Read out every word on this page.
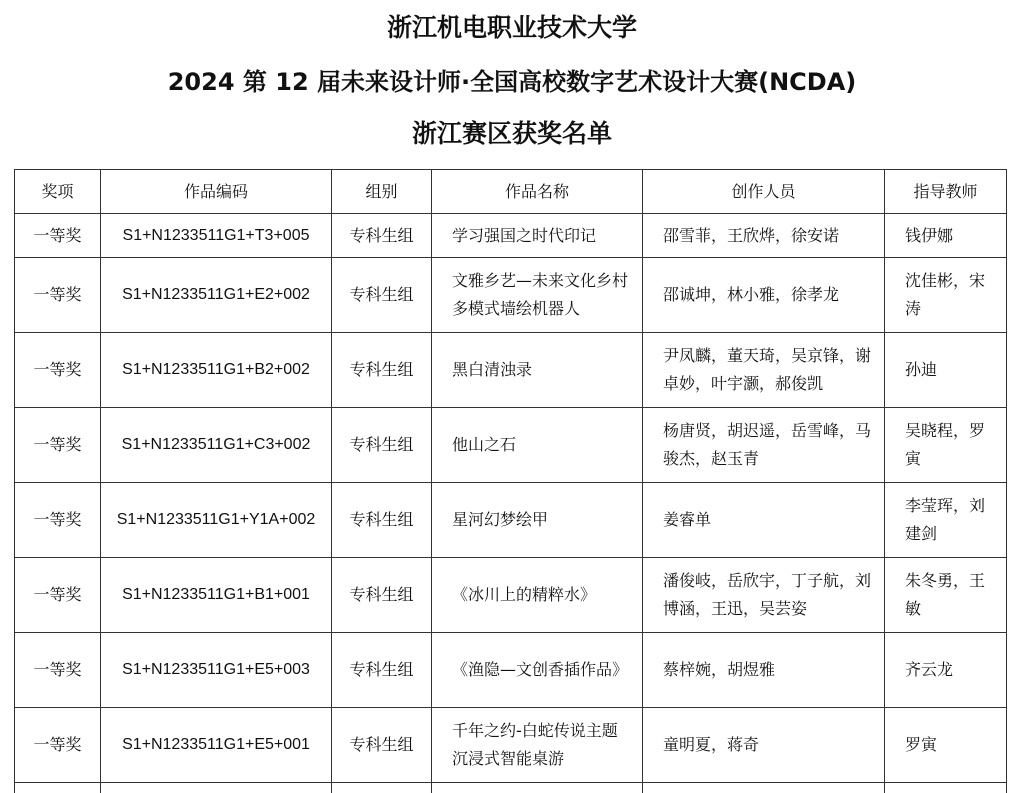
浙江机电职业技术大学
2024 第 12 届未来设计师·全国高校数字艺术设计大赛(NCDA)
浙江赛区获奖名单
奖项	作品编码	组别	作品名称	创作人员	指导教师
一等奖	S1+N1233511G1+T3+005	专科生组	学习强国之时代印记	邵雪菲，王欣烨，徐安诺	钱伊娜
一等奖	S1+N1233511G1+E2+002	专科生组	文雅乡艺—未来文化乡村多模式墙绘机器人	邵诚坤，林小雅，徐孝龙	沈佳彬，宋涛
一等奖	S1+N1233511G1+B2+002	专科生组	黑白清浊录	尹凤麟，董天琦，吴京锋，谢卓妙，叶宇灏，郝俊凯	孙迪
一等奖	S1+N1233511G1+C3+002	专科生组	他山之石	杨唐贤，胡迟遥，岳雪峰，马骏杰，赵玉青	吴晓程，罗寅
一等奖	S1+N1233511G1+Y1A+002	专科生组	星河幻梦绘甲	姜睿单	李莹珲，刘建剑
一等奖	S1+N1233511G1+B1+001	专科生组	《冰川上的精粹水》	潘俊岐，岳欣宇，丁子航，刘博涵，王迅，吴芸姿	朱冬勇，王敏
一等奖	S1+N1233511G1+E5+003	专科生组	《渔隐—文创香插作品》	蔡梓婉，胡煜雅	齐云龙
一等奖	S1+N1233511G1+E5+001	专科生组	千年之约-白蛇传说主题沉浸式智能桌游	童明夏，蒋奇	罗寅
